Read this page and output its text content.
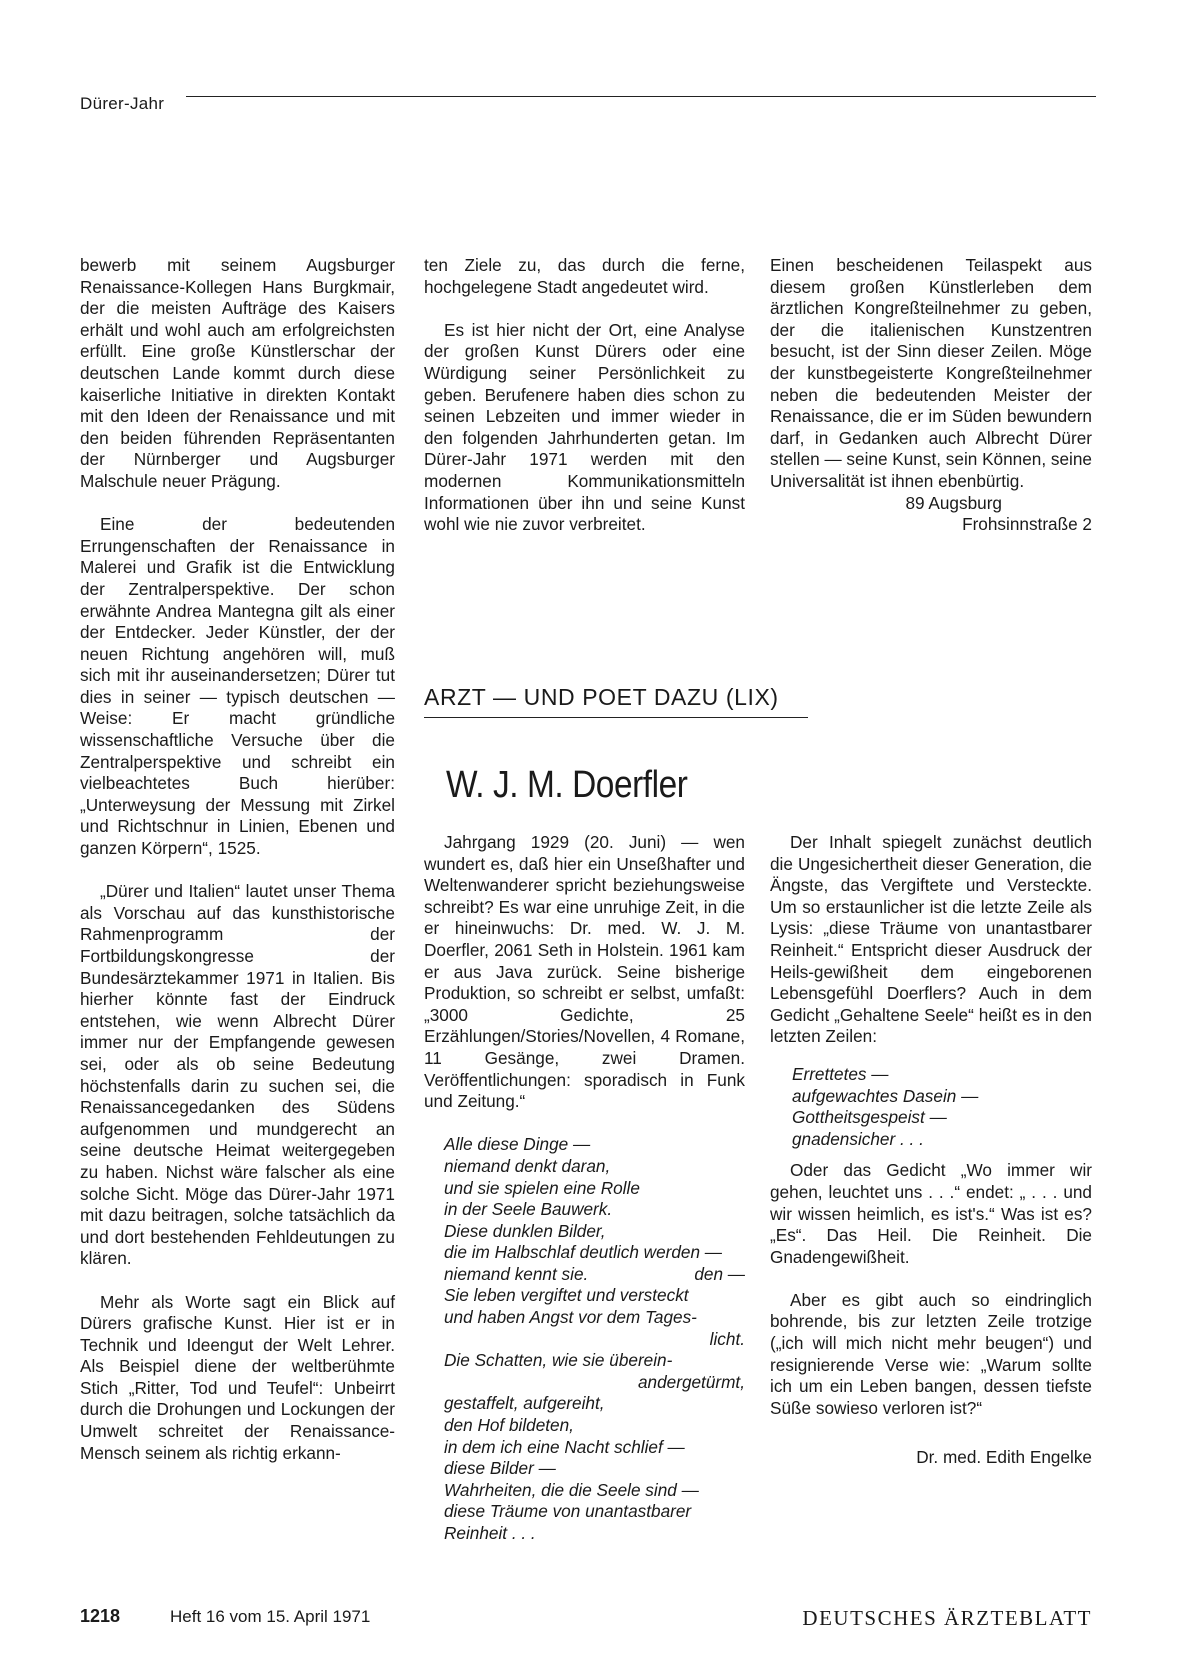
Dürer-Jahr

bewerb mit seinem Augsburger Renaissance-Kollegen Hans Burgkmair, der die meisten Aufträge des Kaisers erhält und wohl auch am erfolgreichsten erfüllt. Eine große Künstlerschar der deutschen Lande kommt durch diese kaiserliche Initiative in direkten Kontakt mit den Ideen der Renaissance und mit den beiden führenden Repräsentanten der Nürnberger und Augsburger Malschule neuer Prägung.

Eine der bedeutenden Errungenschaften der Renaissance in Malerei und Grafik ist die Entwicklung der Zentralperspektive. Der schon erwähnte Andrea Mantegna gilt als einer der Entdecker. Jeder Künstler, der der neuen Richtung angehören will, muß sich mit ihr auseinandersetzen; Dürer tut dies in seiner — typisch deutschen — Weise: Er macht gründliche wissenschaftliche Versuche über die Zentralperspektive und schreibt ein vielbeachtetes Buch hierüber: „Unterweysung der Messung mit Zirkel und Richtschnur in Linien, Ebenen und ganzen Körpern“, 1525.

„Dürer und Italien“ lautet unser Thema als Vorschau auf das kunsthistorische Rahmenprogramm der Fortbildungskongresse der Bundesärztekammer 1971 in Italien. Bis hierher könnte fast der Eindruck entstehen, wie wenn Albrecht Dürer immer nur der Empfangende gewesen sei, oder als ob seine Bedeutung höchstenfalls darin zu suchen sei, die Renaissancegedanken des Südens aufgenommen und mundgerecht an seine deutsche Heimat weitergegeben zu haben. Nichst wäre falscher als eine solche Sicht. Möge das Dürer-Jahr 1971 mit dazu beitragen, solche tatsächlich da und dort bestehenden Fehldeutungen zu klären.

Mehr als Worte sagt ein Blick auf Dürers grafische Kunst. Hier ist er in Technik und Ideengut der Welt Lehrer. Als Beispiel diene der weltberühmte Stich „Ritter, Tod und Teufel“: Unbeirrt durch die Drohungen und Lockungen der Umwelt schreitet der Renaissance-Mensch seinem als richtig erkann-

ten Ziele zu, das durch die ferne, hochgelegene Stadt angedeutet wird.

Es ist hier nicht der Ort, eine Analyse der großen Kunst Dürers oder eine Würdigung seiner Persönlichkeit zu geben. Berufenere haben dies schon zu seinen Lebzeiten und immer wieder in den folgenden Jahrhunderten getan. Im Dürer-Jahr 1971 werden mit den modernen Kommunikationsmitteln Informationen über ihn und seine Kunst wohl wie nie zuvor verbreitet.

Einen bescheidenen Teilaspekt aus diesem großen Künstlerleben dem ärztlichen Kongreßteilnehmer zu geben, der die italienischen Kunstzentren besucht, ist der Sinn dieser Zeilen. Möge der kunstbegeisterte Kongreßteilnehmer neben die bedeutenden Meister der Renaissance, die er im Süden bewundern darf, in Gedanken auch Albrecht Dürer stellen — seine Kunst, sein Können, seine Universalität ist ihnen ebenbürtig.

89 Augsburg
Frohsinnstraße 2
ARZT — UND POET DAZU (LIX)
W. J. M. Doerfler

Jahrgang 1929 (20. Juni) — wen wundert es, daß hier ein Unseßhafter und Weltenwanderer spricht beziehungsweise schreibt? Es war eine unruhige Zeit, in die er hineinwuchs: Dr. med. W. J. M. Doerfler, 2061 Seth in Holstein. 1961 kam er aus Java zurück. Seine bisherige Produktion, so schreibt er selbst, umfaßt: „3000 Gedichte, 25 Erzählungen/Stories/Novellen, 4 Romane, 11 Gesänge, zwei Dramen. Veröffentlichungen: sporadisch in Funk und Zeitung.“

Alle diese Dinge —
niemand denkt daran,
und sie spielen eine Rolle
in der Seele Bauwerk.
Diese dunklen Bilder,
die im Halbschlaf deutlich werden —
niemand kennt sie.	den —
Sie leben vergiftet und versteckt
und haben Angst vor dem Tages-
licht.
Die Schatten, wie sie überein-
andergetürmt,
gestaffelt, aufgereiht,
den Hof bildeten,
in dem ich eine Nacht schlief —
diese Bilder —
Wahrheiten, die die Seele sind —
diese Träume von unantastbarer
Reinheit . . .

Der Inhalt spiegelt zunächst deutlich die Ungesichertheit dieser Generation, die Ängste, das Vergiftete und Versteckte. Um so erstaunlicher ist die letzte Zeile als Lysis: „diese Träume von unantastbarer Reinheit.“ Entspricht dieser Ausdruck der Heils-gewißheit dem eingeborenen Lebensgefühl Doerflers? Auch in dem Gedicht „Gehaltene Seele“ heißt es in den letzten Zeilen:

Errettetes —
aufgewachtes Dasein —
Gottheitsgespeist —
gnadensicher . . .

Oder das Gedicht „Wo immer wir gehen, leuchtet uns . . .“ endet: „ . . . und wir wissen heimlich, es ist's.“ Was ist es? „Es“. Das Heil. Die Reinheit. Die Gnadengewißheit.

Aber es gibt auch so eindringlich bohrende, bis zur letzten Zeile trotzige („ich will mich nicht mehr beugen“) und resignierende Verse wie: „Warum sollte ich um ein Leben bangen, dessen tiefste Süße sowieso verloren ist?“

Dr. med. Edith Engelke
1218	Heft 16 vom 15. April 1971	DEUTSCHES ÄRZTEBLATT
